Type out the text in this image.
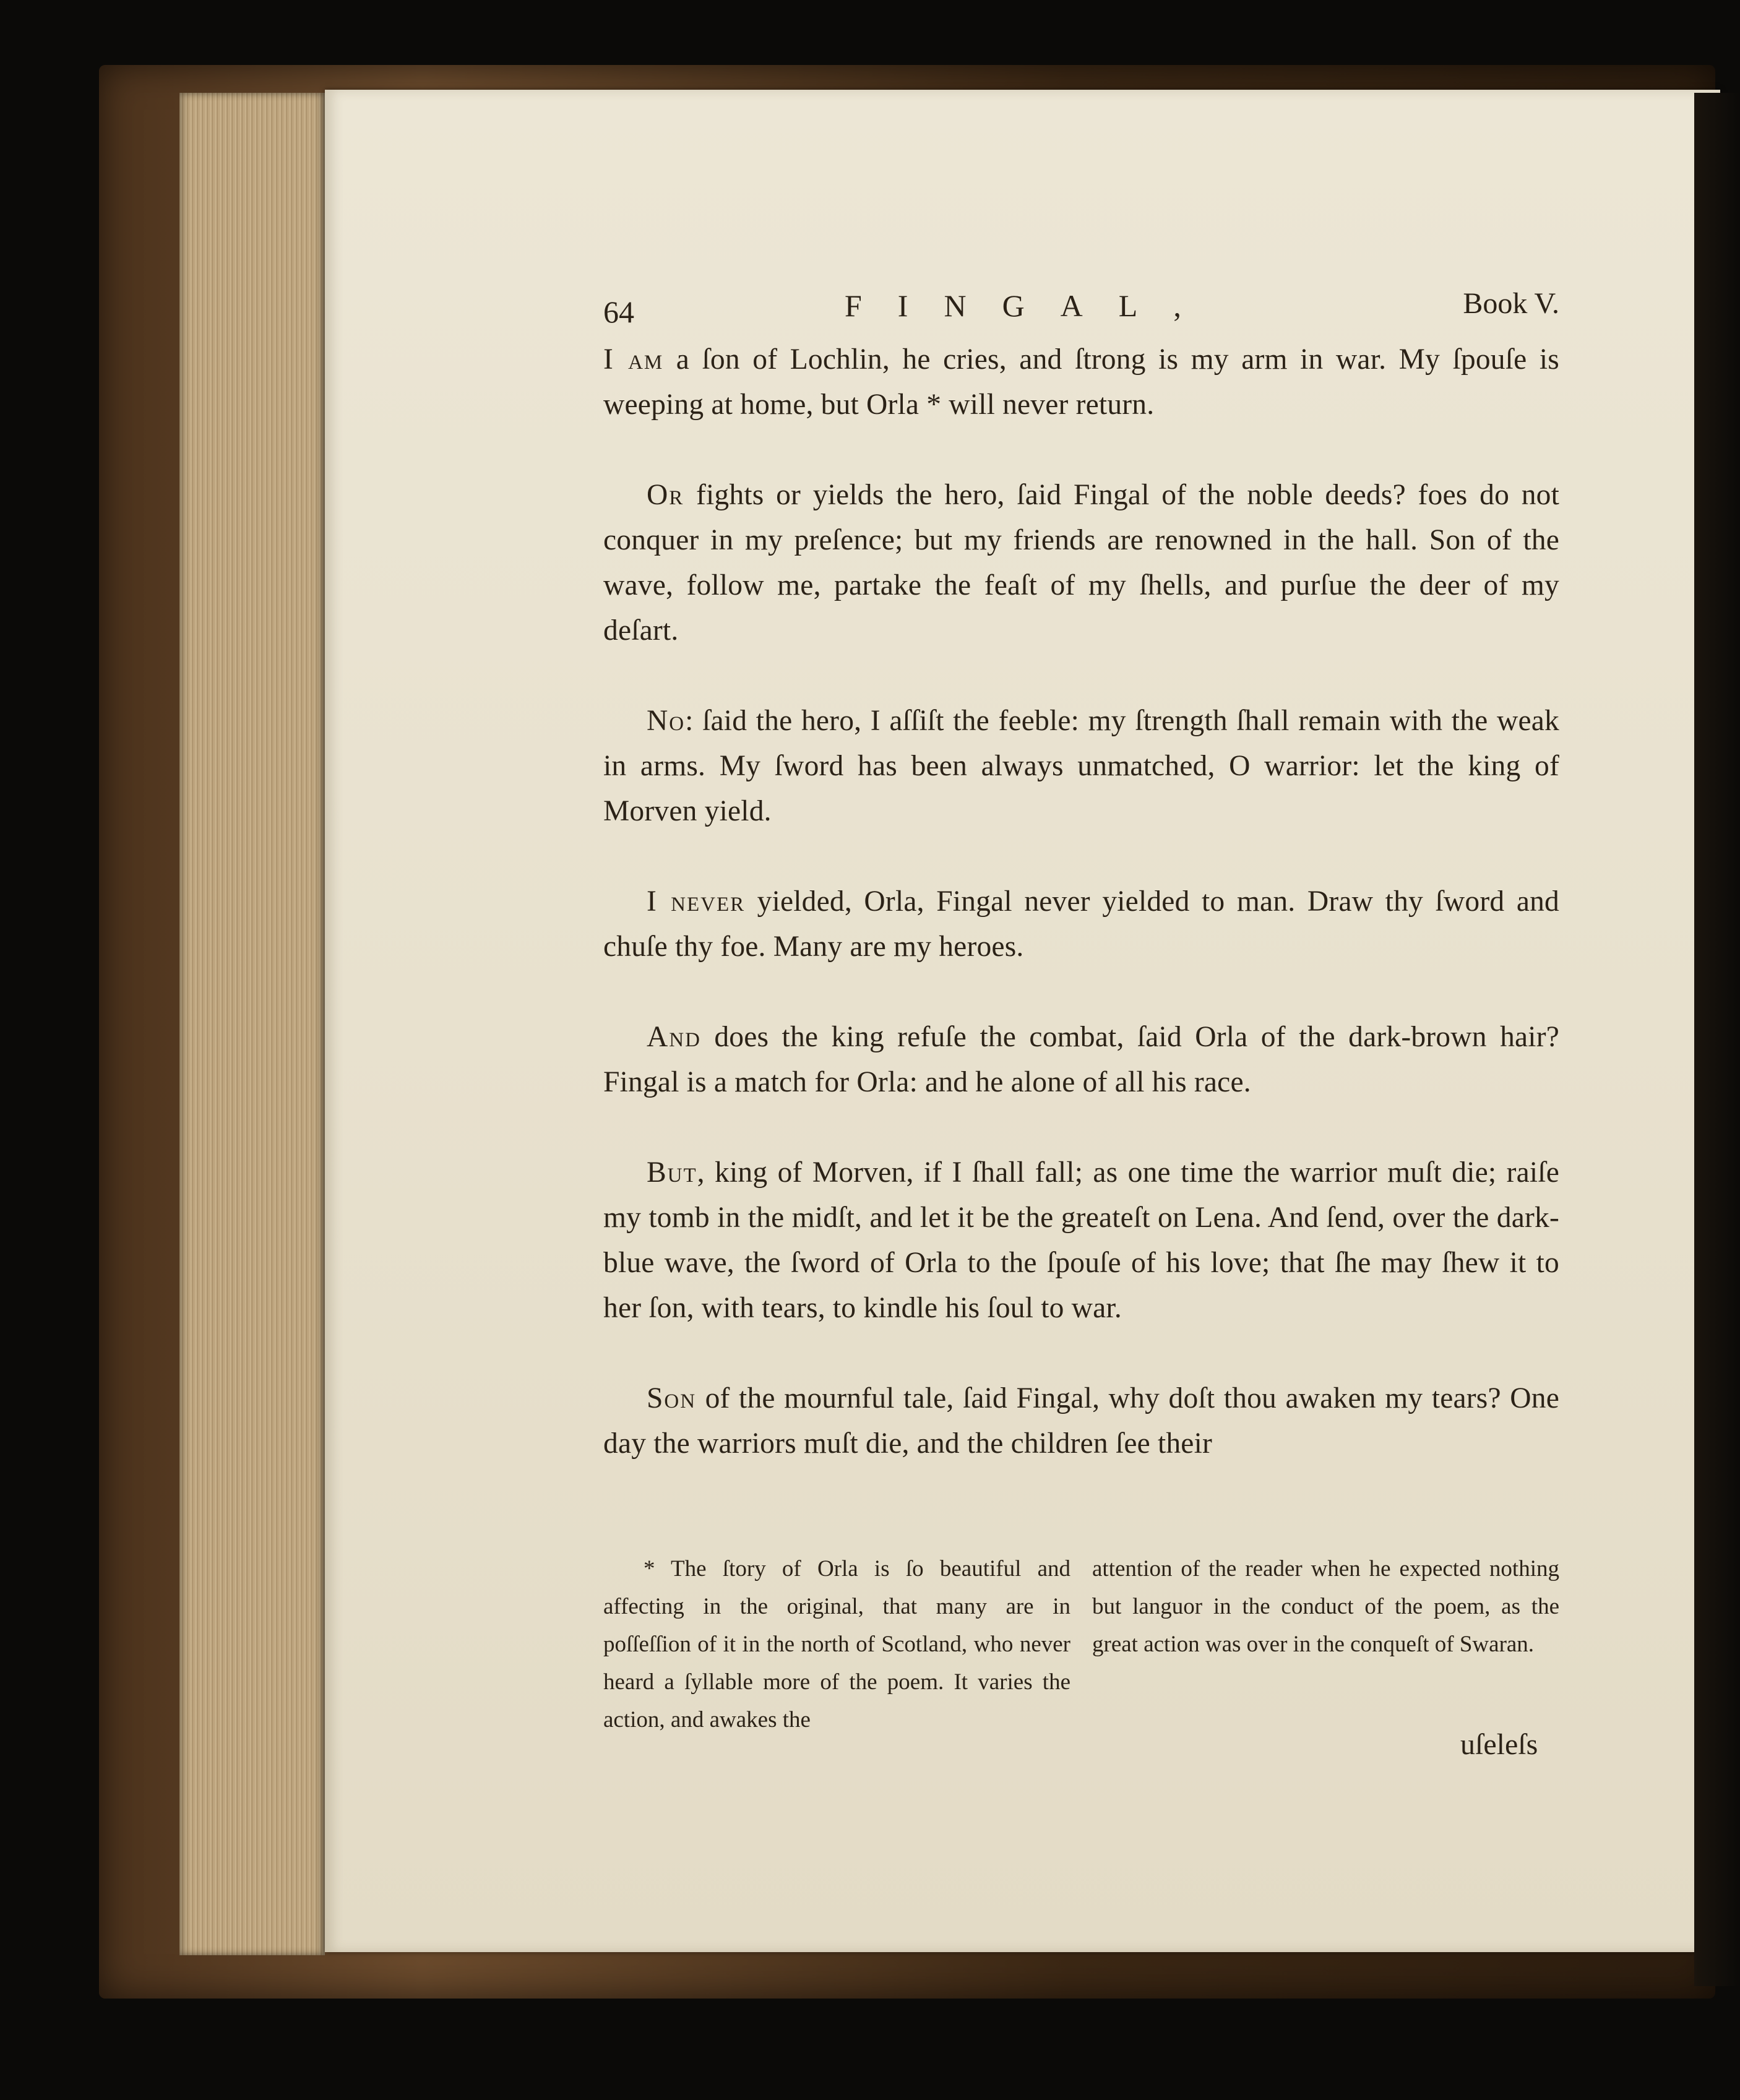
64	FINGAL,	Book V.

I am a ſon of Lochlin, he cries, and ſtrong is my arm in war. My ſpouſe is weeping at home, but Orla * will never return.

Or fights or yields the hero, ſaid Fingal of the noble deeds? foes do not conquer in my preſence; but my friends are renowned in the hall. Son of the wave, follow me, partake the feaſt of my ſhells, and purſue the deer of my deſart.

No: ſaid the hero, I aſſiſt the feeble: my ſtrength ſhall remain with the weak in arms. My ſword has been always unmatched, O warrior: let the king of Morven yield.

I never yielded, Orla, Fingal never yielded to man. Draw thy ſword and chuſe thy foe. Many are my heroes.

And does the king refuſe the combat, ſaid Orla of the dark-brown hair? Fingal is a match for Orla: and he alone of all his race.

But, king of Morven, if I ſhall fall; as one time the warrior muſt die; raiſe my tomb in the midſt, and let it be the greateſt on Lena. And ſend, over the dark-blue wave, the ſword of Orla to the ſpouſe of his love; that ſhe may ſhew it to her ſon, with tears, to kindle his ſoul to war.

Son of the mournful tale, ſaid Fingal, why doſt thou awaken my tears? One day the warriors muſt die, and the children ſee their

* The ſtory of Orla is ſo beautiful and affecting in the original, that many are in poſſeſſion of it in the north of Scotland, who never heard a ſyllable more of the poem. It varies the action, and awakes the
attention of the reader when he expected nothing but languor in the conduct of the poem, as the great action was over in the conqueſt of Swaran.
uſeleſs
